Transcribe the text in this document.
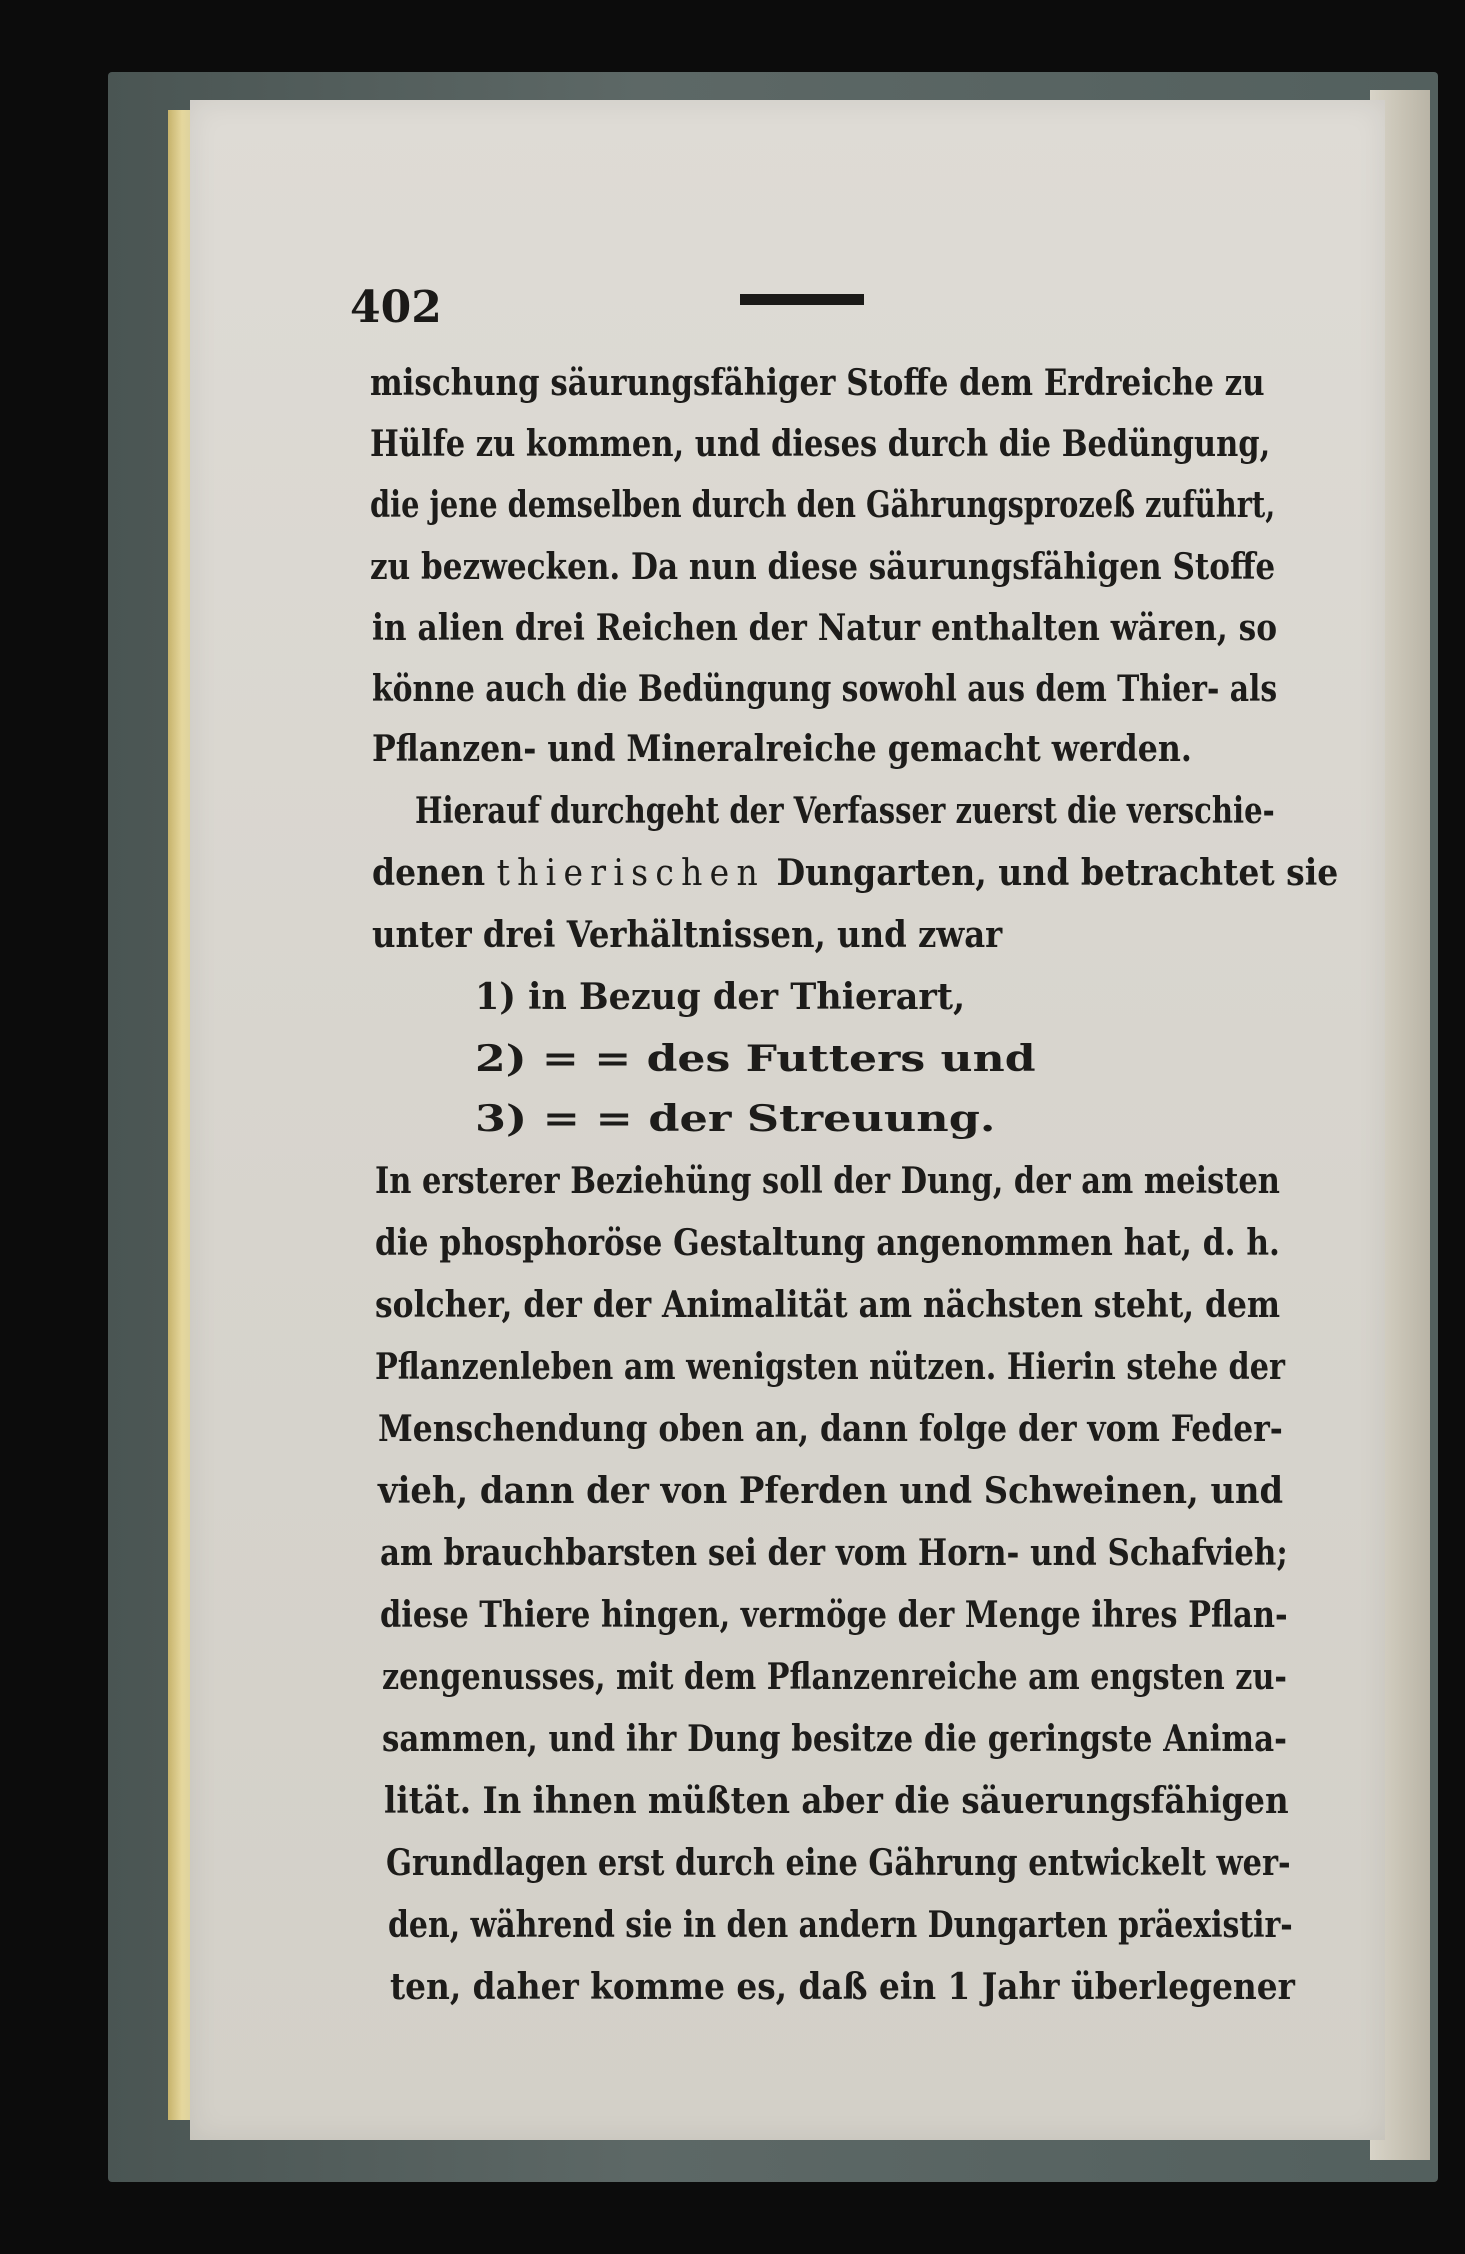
402
mischung säurungsfähiger Stoffe dem Erdreiche zu
Hülfe zu kommen, und dieses durch die Bedüngung,
die jene demselben durch den Gährungsprozeß zuführt,
zu bezwecken. Da nun diese säurungsfähigen Stoffe
in alien drei Reichen der Natur enthalten wären, so
könne auch die Bedüngung sowohl aus dem Thier- als
Pflanzen- und Mineralreiche gemacht werden.
Hierauf durchgeht der Verfasser zuerst die verschie-
denen thierischen Dungarten, und betrachtet sie
unter drei Verhältnissen, und zwar
1) in Bezug der Thierart,
2) = = des Futters und
3) = = der Streuung.
In ersterer Beziehüng soll der Dung, der am meisten
die phosphoröse Gestaltung angenommen hat, d. h.
solcher, der der Animalität am nächsten steht, dem
Pflanzenleben am wenigsten nützen. Hierin stehe der
Menschendung oben an, dann folge der vom Feder-
vieh, dann der von Pferden und Schweinen, und
am brauchbarsten sei der vom Horn- und Schafvieh;
diese Thiere hingen, vermöge der Menge ihres Pflan-
zengenusses, mit dem Pflanzenreiche am engsten zu-
sammen, und ihr Dung besitze die geringste Anima-
lität. In ihnen müßten aber die säuerungsfähigen
Grundlagen erst durch eine Gährung entwickelt wer-
den, während sie in den andern Dungarten präexistir-
ten, daher komme es, daß ein 1 Jahr überlegener
